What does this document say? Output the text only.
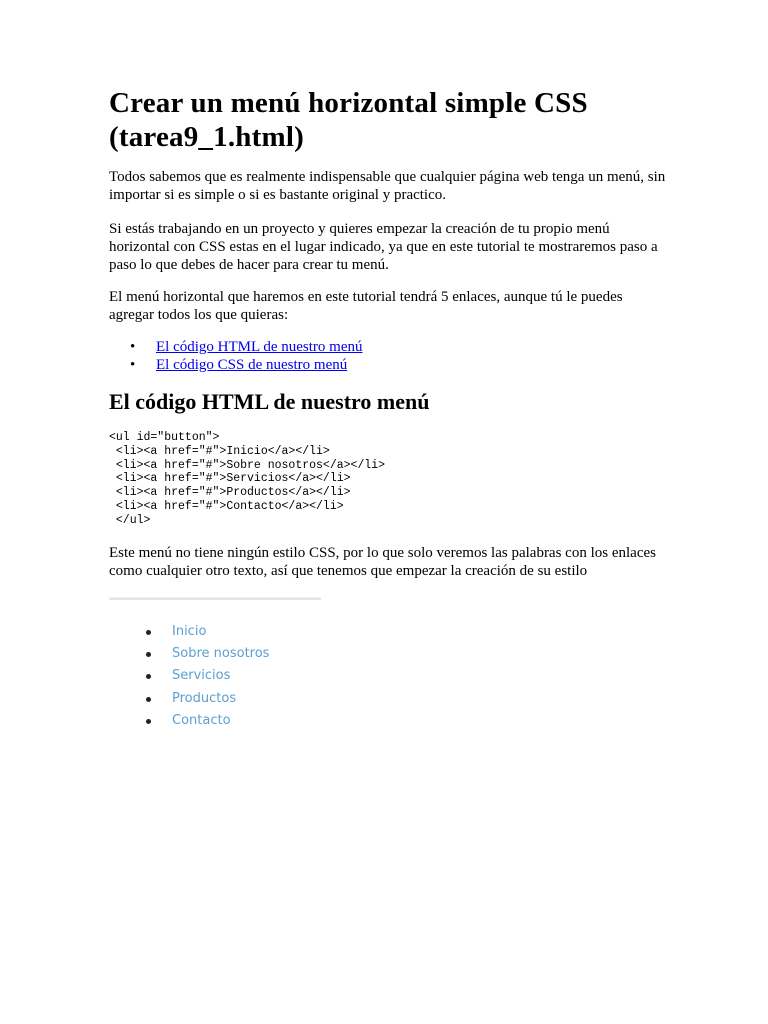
Crear un menú horizontal simple CSS
(tarea9_1.html)

Todos sabemos que es realmente indispensable que cualquier página web tenga un menú, sin importar si es simple o si es bastante original y practico.

Si estás trabajando en un proyecto y quieres empezar la creación de tu propio menú horizontal con CSS estas en el lugar indicado, ya que en este tutorial te mostraremos paso a paso lo que debes de hacer para crear tu menú.

El menú horizontal que haremos en este tutorial tendrá 5 enlaces, aunque tú le puedes agregar todos los que quieras:

• El código HTML de nuestro menú
• El código CSS de nuestro menú
El código HTML de nuestro menú
<ul id="button">
<li><a href="#">Inicio</a></li>
<li><a href="#">Sobre nosotros</a></li>
<li><a href="#">Servicios</a></li>
<li><a href="#">Productos</a></li>
<li><a href="#">Contacto</a></li>
</ul>

Este menú no tiene ningún estilo CSS, por lo que solo veremos las palabras con los enlaces como cualquier otro texto, así que tenemos que empezar la creación de su estilo

Inicio
Sobre nosotros
Servicios
Productos
Contacto
